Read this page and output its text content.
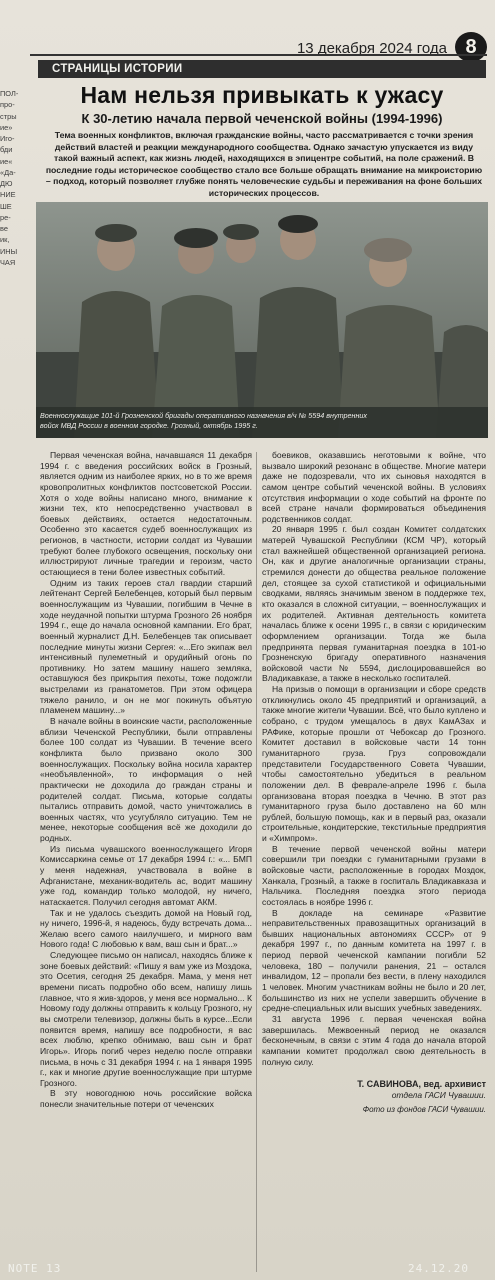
ПОЛ-
про-
стры
ие»
Иго-
бди
ие«
«Да-
ДЮ
НИЕ
ШЕ
ре-
ве
ик,
ИНЫ
ЧАЯ
13 декабря 2024 года 8
СТРАНИЦЫ ИСТОРИИ
Нам нельзя привыкать к ужасу
К 30-летию начала первой чеченской войны (1994-1996)
Тема военных конфликтов, включая гражданские войны, часто рассматривается с точки зрения действий властей и реакции международного сообщества. Однако зачастую упускается из виду такой важный аспект, как жизнь людей, находящихся в эпицентре событий, на поле сражений. В последние годы историческое сообщество стало все больше обращать внимание на микроисторию – подход, который позволяет глубже понять человеческие судьбы и переживания на фоне больших исторических процессов.
Военнослужащие 101-й Грозненской бригады оперативного назначения в/ч № 5594 внутренних войск МВД России в военном городке. Грозный, октябрь 1995 г.

Первая чеченская война, начавшаяся 11 декабря 1994 г. с введения российских войск в Грозный, является одним из наиболее ярких, но в то же время кровопролитных конфликтов постсоветской России. Хотя о ходе войны написано много, внимание к жизни тех, кто непосредственно участвовал в боевых действиях, остается недостаточным. Особенно это касается судеб военнослужащих из регионов, в частности, истории солдат из Чувашии требуют более глубокого освещения, поскольку они иллюстрируют личные трагедии и героизм, часто остающиеся в тени более известных событий.

Одним из таких героев стал гвардии старший лейтенант Сергей Белебенцев, который был первым военнослужащим из Чувашии, погибшим в Чечне в ходе неудачной попытки штурма Грозного 26 ноября 1994 г., еще до начала основной кампании. Его брат, военный журналист Д.Н. Белебенцев так описывает последние минуты жизни Сергея: «...Его экипаж вел интенсивный пулеметный и орудийный огонь по противнику. Но затем машину нашего земляка, оставшуюся без прикрытия пехоты, тоже подожгли выстрелами из гранатометов. При этом офицера тяжело ранило, и он не мог покинуть объятую пламенем машину...»

В начале войны в воинские части, расположенные вблизи Чеченской Республики, были отправлены более 100 солдат из Чувашии. В течение всего конфликта было призвано около 300 военнослужащих. Поскольку война носила характер «необъявленной», то информация о ней практически не доходила до граждан страны и родителей солдат. Письма, которые солдаты пытались отправить домой, часто уничтожались в военных частях, что усугубляло ситуацию. Тем не менее, некоторые сообщения всё же доходили до родных.

Из письма чувашского военнослужащего Игоря Комиссаркина семье от 17 декабря 1994 г.: «... БМП у меня надежная, участвовала в войне в Афганистане, механик-водитель ас, водит машину уже год, командир только молодой, ну ничего, натаскается. Получил сегодня автомат АКМ.

Так и не удалось съездить домой на Новый год, ну ничего, 1996-й, я надеюсь, буду встречать дома... Желаю всего самого наилучшего, и мирного вам Нового года! С любовью к вам, ваш сын и брат...»

Следующее письмо он написал, находясь ближе к зоне боевых действий: «Пишу я вам уже из Моздока, это Осетия, сегодня 25 декабря. Мама, у меня нет времени писать подробно обо всем, напишу лишь главное, что я жив-здоров, у меня все нормально... К Новому году должны отправить к кольцу Грозного, ну вы смотрели телевизор, должны быть в курсе...Если появится время, напишу все подробности, я вас всех люблю, крепко обнимаю, ваш сын и брат Игорь». Игорь погиб через неделю после отправки письма, в ночь с 31 декабря 1994 г. на 1 января 1995 г., как и многие другие военнослужащие при штурме Грозного.

В эту новогоднюю ночь российские войска понесли значительные потери от чеченских

боевиков, оказавшись неготовыми к войне, что вызвало широкий резонанс в обществе. Многие матери даже не подозревали, что их сыновья находятся в самом центре событий чеченской войны. В условиях отсутствия информации о ходе событий на фронте по всей стране начали формироваться объединения родственников солдат.

20 января 1995 г. был создан Комитет солдатских матерей Чувашской Республики (КСМ ЧР), который стал важнейшей общественной организацией региона. Он, как и другие аналогичные организации страны, стремился донести до общества реальное положение дел, стоящее за сухой статистикой и официальными сводками, являясь значимым звеном в поддержке тех, кто оказался в сложной ситуации, – военнослужащих и их родителей. Активная деятельность комитета началась ближе к осени 1995 г., в связи с юридическим оформлением организации. Тогда же была предпринята первая гуманитарная поездка в 101-ю Грозненскую бригаду оперативного назначения войсковой части № 5594, дислоцировавшейся во Владикавказе, а также в несколько госпиталей.

На призыв о помощи в организации и сборе средств откликнулись около 45 предприятий и организаций, а также многие жители Чувашии. Всё, что было куплено и собрано, с трудом умещалось в двух КамАЗах и РАФике, которые прошли от Чебоксар до Грозного. Комитет доставил в войсковые части 14 тонн гуманитарного груза. Груз сопровождали представители Государственного Совета Чувашии, чтобы самостоятельно убедиться в реальном положении дел. В феврале-апреле 1996 г. была организована вторая поездка в Чечню. В этот раз гуманитарного груза было доставлено на 60 млн рублей, большую помощь, как и в первый раз, оказали строительные, кондитерские, текстильные предприятия и «Химпром».

В течение первой чеченской войны матери совершили три поездки с гуманитарными грузами в войсковые части, расположенные в городах Моздок, Ханкала, Грозный, а также в госпиталь Владикавказа и Нальчика. Последняя поездка этого периода состоялась в ноябре 1996 г.

В докладе на семинаре «Развитие неправительственных правозащитных организаций в бывших национальных автономиях СССР» от 9 декабря 1997 г., по данным комитета на 1997 г. в период первой чеченской кампании погибли 52 человека, 180 – получили ранения, 21 – остался инвалидом, 12 – пропали без вести, в плену находился 1 человек. Многим участникам войны не было и 20 лет, большинство из них не успели завершить обучение в средне-специальных или высших учебных заведениях.

31 августа 1996 г. первая чеченская война завершилась. Межвоенный период не оказался бесконечным, в связи с этим 4 года до начала второй кампании комитет продолжал свою деятельность в полную силу.

Т. САВИНОВА, вед. архивист
отдела ГАСИ Чувашии.
Фото из фондов ГАСИ Чувашии.
NOTE 13	24.12.20
